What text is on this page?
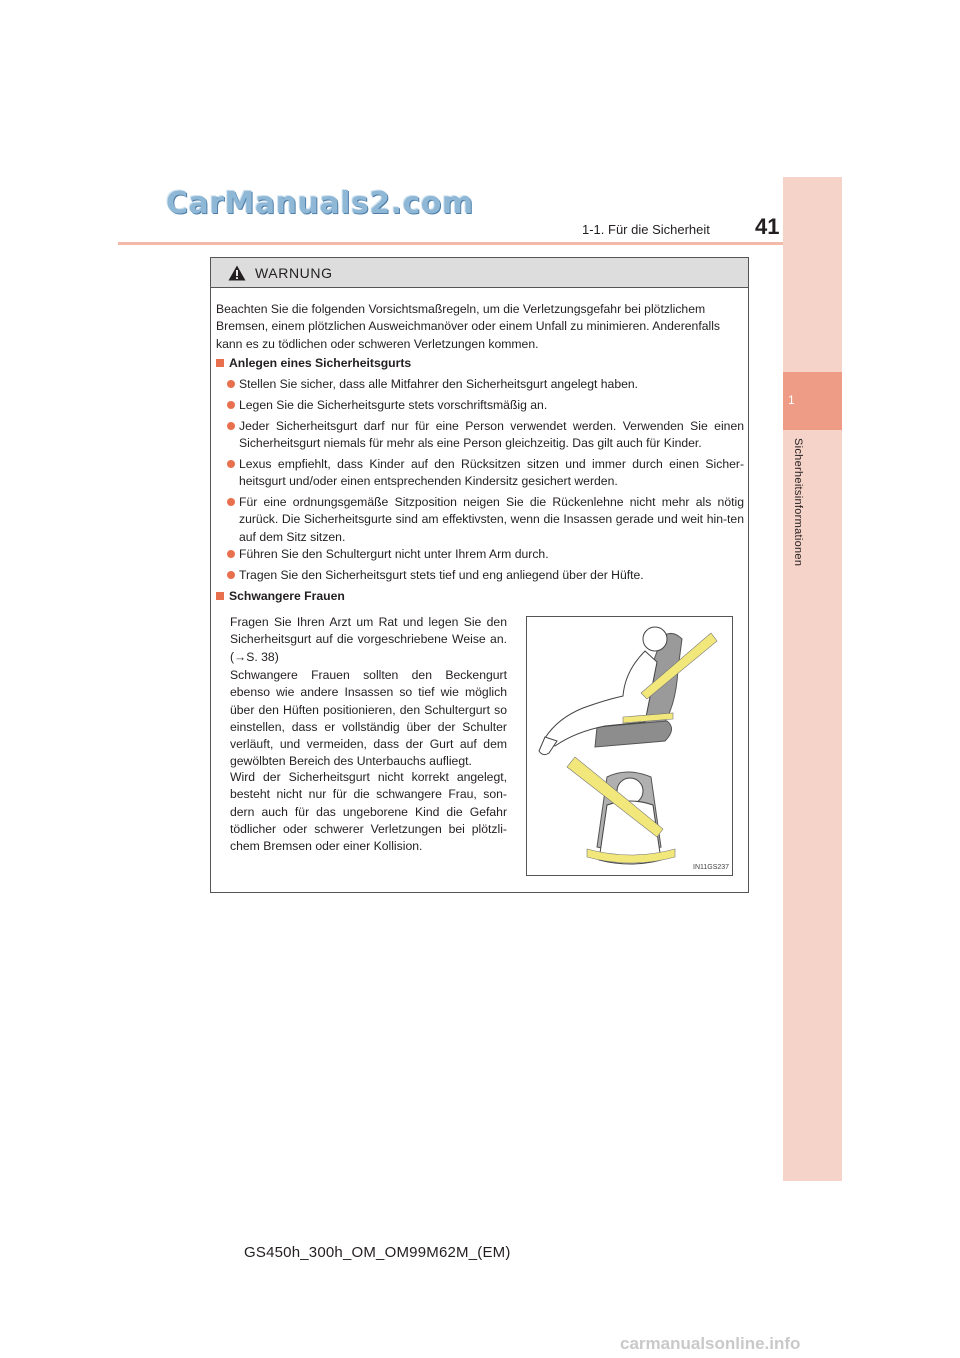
CarManuals2.com
1
Sicherheitsinformationen
1-1. Für die Sicherheit 41
WARNUNG
Beachten Sie die folgenden Vorsichtsmaßregeln, um die Verletzungsgefahr bei plötzlichem Bremsen, einem plötzlichen Ausweichmanöver oder einem Unfall zu minimieren. Anderenfalls kann es zu tödlichen oder schweren Verletzungen kommen.
Anlegen eines Sicherheitsgurts
Stellen Sie sicher, dass alle Mitfahrer den Sicherheitsgurt angelegt haben.
Legen Sie die Sicherheitsgurte stets vorschriftsmäßig an.
Jeder Sicherheitsgurt darf nur für eine Person verwendet werden. Verwenden Sie einen Sicherheitsgurt niemals für mehr als eine Person gleichzeitig. Das gilt auch für Kinder.
Lexus empfiehlt, dass Kinder auf den Rücksitzen sitzen und immer durch einen Sicher-heitsgurt und/oder einen entsprechenden Kindersitz gesichert werden.
Für eine ordnungsgemäße Sitzposition neigen Sie die Rückenlehne nicht mehr als nötig zurück. Die Sicherheitsgurte sind am effektivsten, wenn die Insassen gerade und weit hin-ten auf dem Sitz sitzen.
Führen Sie den Schultergurt nicht unter Ihrem Arm durch.
Tragen Sie den Sicherheitsgurt stets tief und eng anliegend über der Hüfte.
Schwangere Frauen
Fragen Sie Ihren Arzt um Rat und legen Sie den Sicherheitsgurt auf die vorgeschriebene Weise an. (→S. 38)
Schwangere Frauen sollten den Beckengurt ebenso wie andere Insassen so tief wie möglich über den Hüften positionieren, den Schultergurt so einstellen, dass er vollständig über der Schulter verläuft, und vermeiden, dass der Gurt auf dem gewölbten Bereich des Unterbauchs aufliegt.
Wird der Sicherheitsgurt nicht korrekt angelegt, besteht nicht nur für die schwangere Frau, son-dern auch für das ungeborene Kind die Gefahr tödlicher oder schwerer Verletzungen bei plötzli-chem Bremsen oder einer Kollision.
IN11GS237
GS450h_300h_OM_OM99M62M_(EM)
carmanualsonline.info
